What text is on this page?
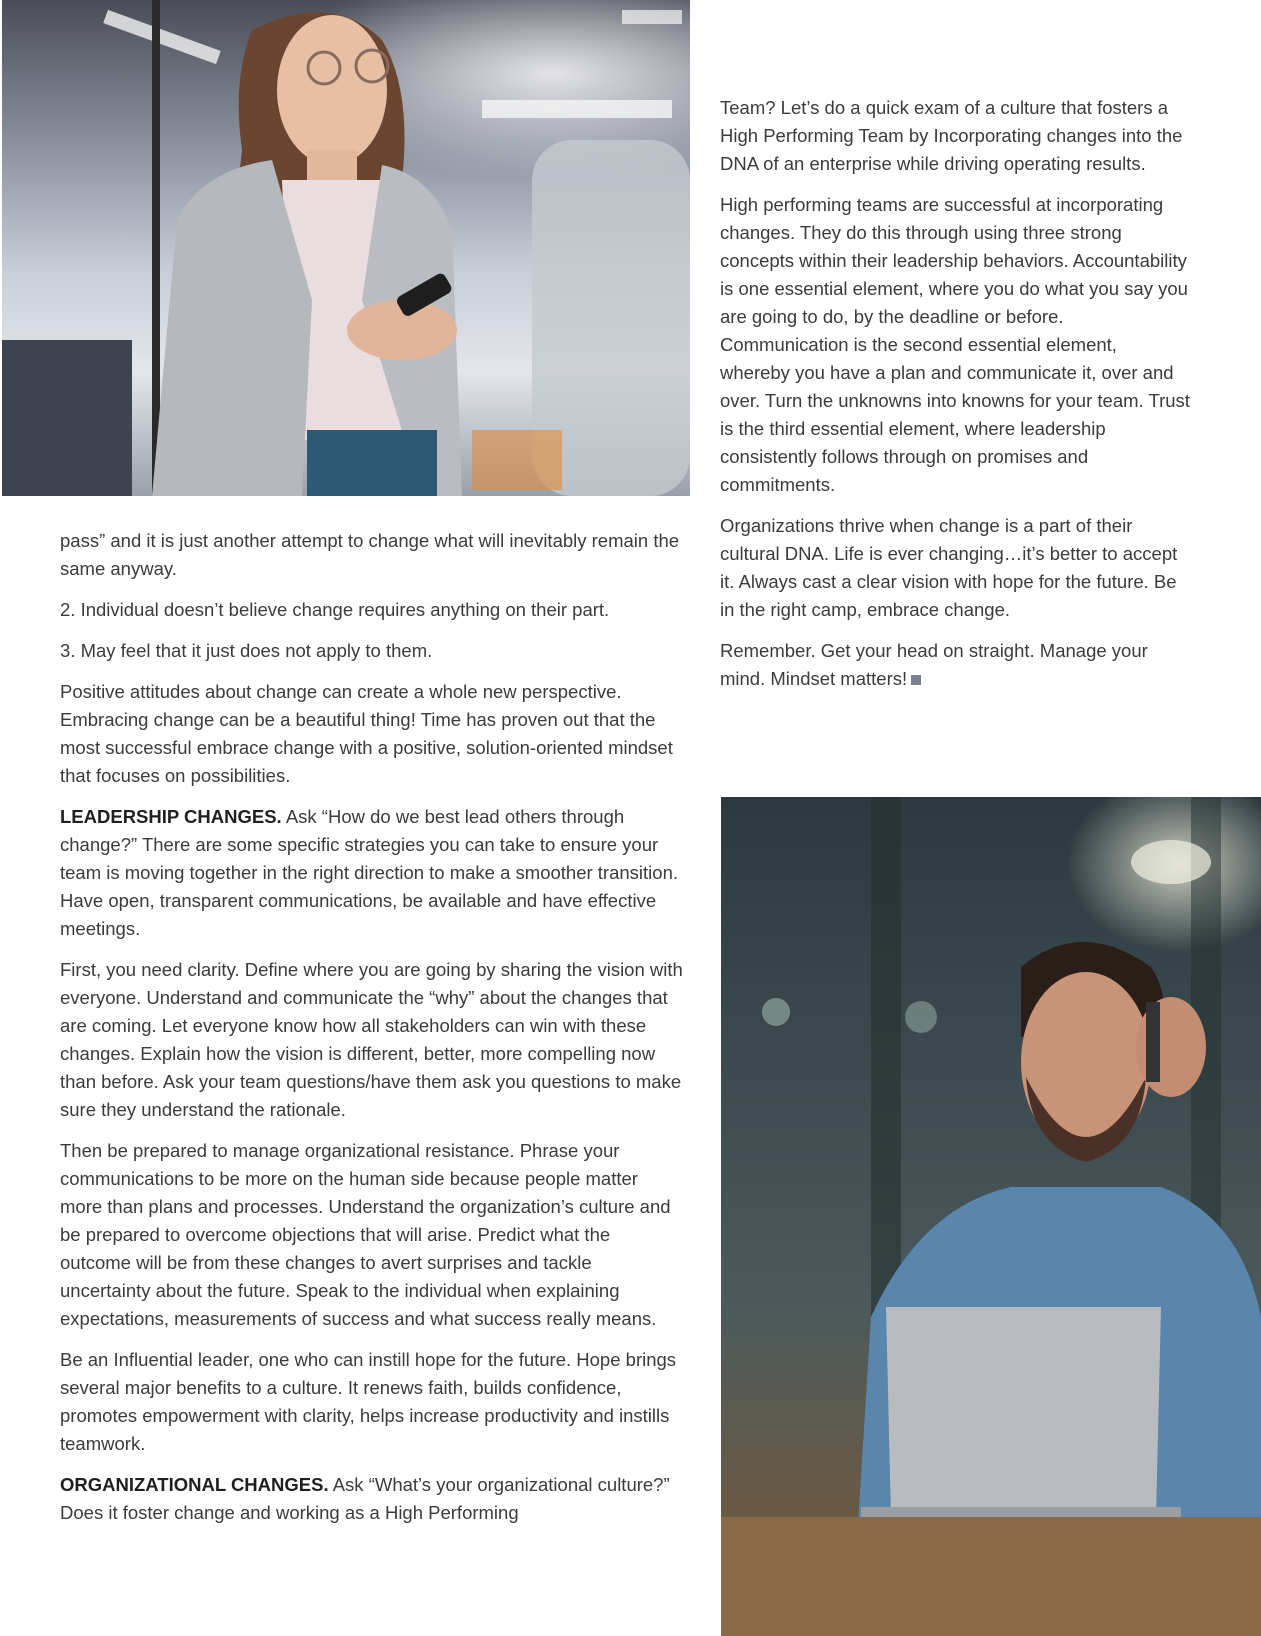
pass” and it is just another attempt to change what will inevitably remain the same anyway.

2. Individual doesn’t believe change requires anything on their part.

3. May feel that it just does not apply to them.

Positive attitudes about change can create a whole new perspective. Embracing change can be a beautiful thing! Time has proven out that the most successful embrace change with a positive, solution-oriented mindset that focuses on possibilities.

LEADERSHIP CHANGES. Ask “How do we best lead others through change?” There are some specific strategies you can take to ensure your team is moving together in the right direction to make a smoother transition. Have open, transparent communications, be available and have effective meetings.

First, you need clarity. Define where you are going by sharing the vision with everyone. Understand and communicate the “why” about the changes that are coming. Let everyone know how all stakeholders can win with these changes. Explain how the vision is different, better, more compelling now than before. Ask your team questions/have them ask you questions to make sure they understand the rationale.

Then be prepared to manage organizational resistance. Phrase your communications to be more on the human side because people matter more than plans and processes. Understand the organization’s culture and be prepared to overcome objections that will arise. Predict what the outcome will be from these changes to avert surprises and tackle uncertainty about the future. Speak to the individual when explaining expectations, measurements of success and what success really means.

Be an Influential leader, one who can instill hope for the future. Hope brings several major benefits to a culture. It renews faith, builds confidence, promotes empowerment with clarity, helps increase productivity and instills teamwork.

ORGANIZATIONAL CHANGES. Ask “What’s your organizational culture?” Does it foster change and working as a High Performing

Team? Let’s do a quick exam of a culture that fosters a High Performing Team by Incorporating changes into the DNA of an enterprise while driving operating results.

High performing teams are successful at incorporating changes. They do this through using three strong concepts within their leadership behaviors. Accountability is one essential element, where you do what you say you are going to do, by the deadline or before. Communication is the second essential element, whereby you have a plan and communicate it, over and over. Turn the unknowns into knowns for your team. Trust is the third essential element, where leadership consistently follows through on promises and commitments.

Organizations thrive when change is a part of their cultural DNA. Life is ever changing…it’s better to accept it. Always cast a clear vision with hope for the future. Be in the right camp, embrace change.

Remember. Get your head on straight. Manage your mind. Mindset matters!
